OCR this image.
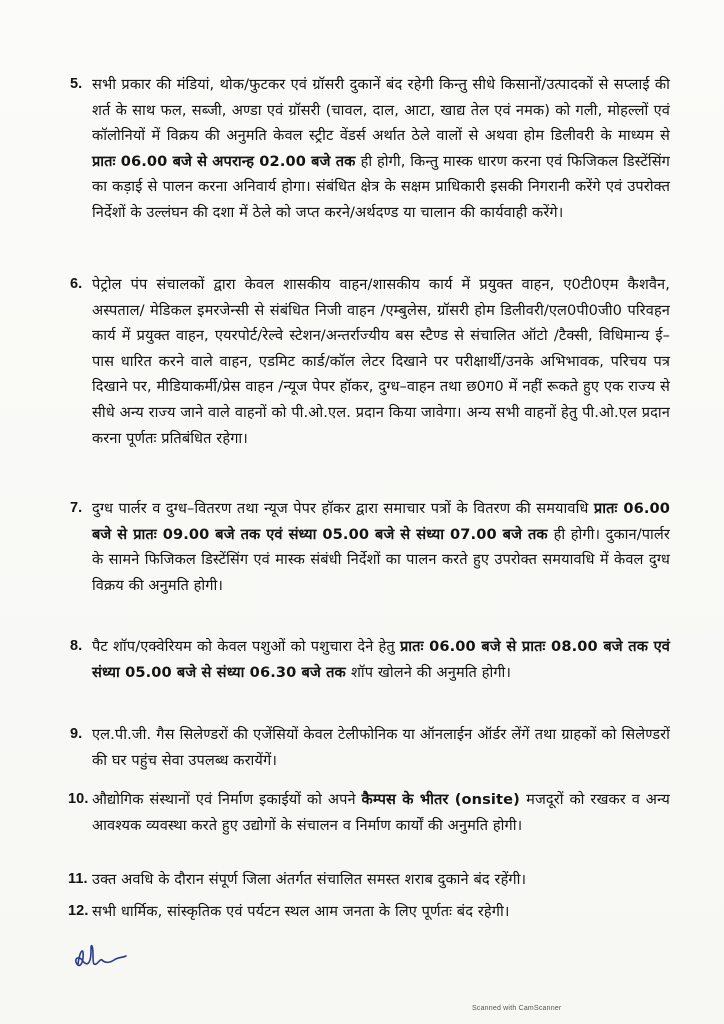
5. सभी प्रकार की मंडियां, थोक/फुटकर एवं ग्रॉसरी दुकानें बंद रहेगी किन्तु सीधे किसानों/उत्पादकों से सप्लाई की शर्त के साथ फल, सब्जी, अण्डा एवं ग्रॉसरी (चावल, दाल, आटा, खाद्य तेल एवं नमक) को गली, मोहल्लों एवं कॉलोनियों में विक्रय की अनुमति केवल स्ट्रीट वेंडर्स अर्थात ठेले वालों से अथवा होम डिलीवरी के माध्यम से प्रातः 06.00 बजे से अपरान्ह 02.00 बजे तक ही होगी, किन्तु मास्क धारण करना एवं फिजिकल डिस्टेंसिंग का कड़ाई से पालन करना अनिवार्य होगा। संबंधित क्षेत्र के सक्षम प्राधिकारी इसकी निगरानी करेंगे एवं उपरोक्त निर्देशों के उल्लंघन की दशा में ठेले को जप्त करने/अर्थदण्ड या चालान की कार्यवाही करेंगे।
6. पेट्रोल पंप संचालकों द्वारा केवल शासकीय वाहन/शासकीय कार्य में प्रयुक्त वाहन, ए0टी0एम कैशवैन, अस्पताल/ मेडिकल इमरजेन्सी से संबंधित निजी वाहन /एम्बुलेस, ग्रॉसरी होम डिलीवरी/एल0पी0जी0 परिवहन कार्य में प्रयुक्त वाहन, एयरपोर्ट/रेल्वे स्टेशन/अन्तर्राज्यीय बस स्टैण्ड से संचालित ऑटो /टैक्सी, विधिमान्य ई–पास धारित करने वाले वाहन, एडमिट कार्ड/कॉल लेटर दिखाने पर परीक्षार्थी/उनके अभिभावक, परिचय पत्र दिखाने पर, मीडियाकर्मी/प्रेस वाहन /न्यूज पेपर हॉकर, दुग्ध–वाहन तथा छ0ग0 में नहीं रूकते हुए एक राज्य से सीधे अन्य राज्य जाने वाले वाहनों को पी.ओ.एल. प्रदान किया जावेगा। अन्य सभी वाहनों हेतु पी.ओ.एल प्रदान करना पूर्णतः प्रतिबंधित रहेगा।
7. दुग्ध पार्लर व दुग्ध–वितरण तथा न्यूज पेपर हॉकर द्वारा समाचार पत्रों के वितरण की समयावधि प्रातः 06.00 बजे से प्रातः 09.00 बजे तक एवं संध्या 05.00 बजे से संध्या 07.00 बजे तक ही होगी। दुकान/पार्लर के सामने फिजिकल डिस्टेंसिंग एवं मास्क संबंधी निर्देशों का पालन करते हुए उपरोक्त समयावधि में केवल दुग्ध विक्रय की अनुमति होगी।
8. पैट शॉप/एक्वेरियम को केवल पशुओं को पशुचारा देने हेतु प्रातः 06.00 बजे से प्रातः 08.00 बजे तक एवं संध्या 05.00 बजे से संध्या 06.30 बजे तक शॉप खोलने की अनुमति होगी।
9. एल.पी.जी. गैस सिलेण्डरों की एजेंसियों केवल टेलीफोनिक या ऑनलाईन ऑर्डर लेंगें तथा ग्राहकों को सिलेण्डरों की घर पहुंच सेवा उपलब्ध करायेंगें।
10. औद्योगिक संस्थानों एवं निर्माण इकाईयों को अपने कैम्पस के भीतर (onsite) मजदूरों को रखकर व अन्य आवश्यक व्यवस्था करते हुए उद्योगों के संचालन व निर्माण कार्यों की अनुमति होगी।
11. उक्त अवधि के दौरान संपूर्ण जिला अंतर्गत संचालित समस्त शराब दुकाने बंद रहेंगी।
12. सभी धार्मिक, सांस्कृतिक एवं पर्यटन स्थल आम जनता के लिए पूर्णतः बंद रहेगी।
Scanned with CamScanner
